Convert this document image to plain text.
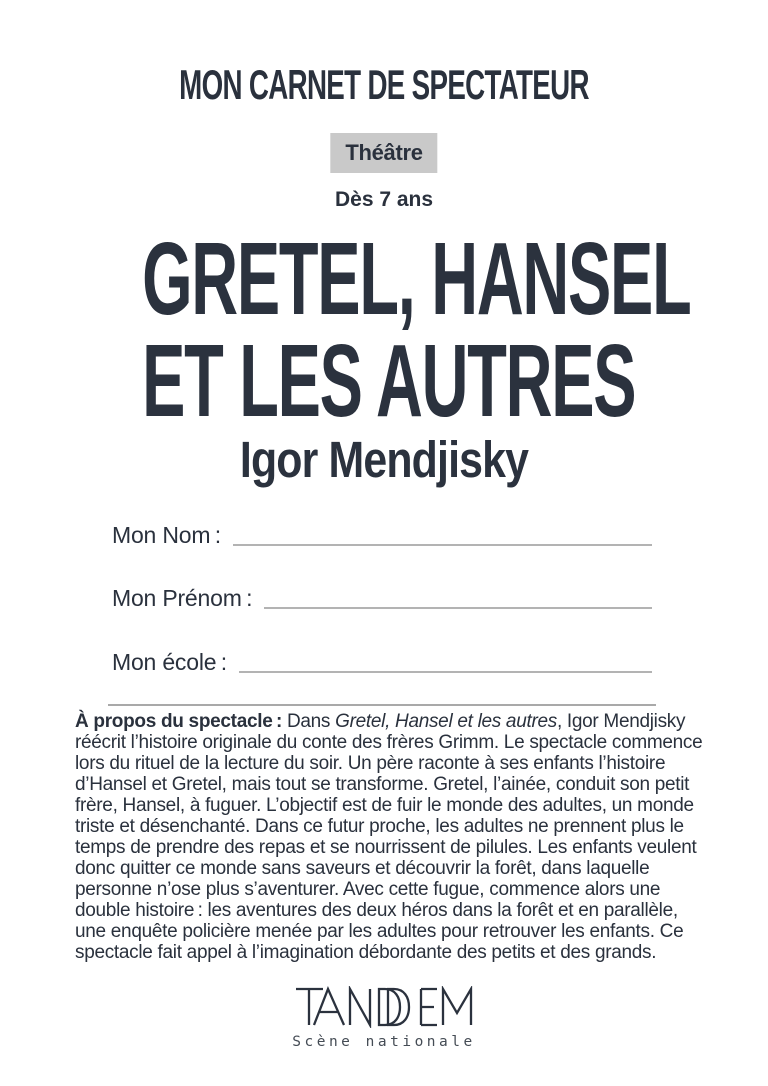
MON CARNET DE SPECTATEUR
Théâtre
Dès 7 ans
GRETEL, HANSEL
ET LES AUTRES
Igor Mendjisky
Mon Nom :
Mon Prénom :
Mon école :

À propos du spectacle : Dans Gretel, Hansel et les autres, Igor Mendjisky réécrit l’histoire originale du conte des frères Grimm. Le spectacle commence lors du rituel de la lecture du soir. Un père raconte à ses enfants l’histoire d’Hansel et Gretel, mais tout se transforme. Gretel, l’ainée, conduit son petit frère, Hansel, à fuguer. L’objectif est de fuir le monde des adultes, un monde triste et désenchanté. Dans ce futur proche, les adultes ne prennent plus le temps de prendre des repas et se nourrissent de pilules. Les enfants veulent donc quitter ce monde sans saveurs et découvrir la forêt, dans laquelle personne n’ose plus s’aventurer. Avec cette fugue, commence alors une double histoire : les aventures des deux héros dans la forêt et en parallèle, une enquête policière menée par les adultes pour retrouver les enfants. Ce spectacle fait appel à l’imagination débordante des petits et des grands.

Scène nationale
